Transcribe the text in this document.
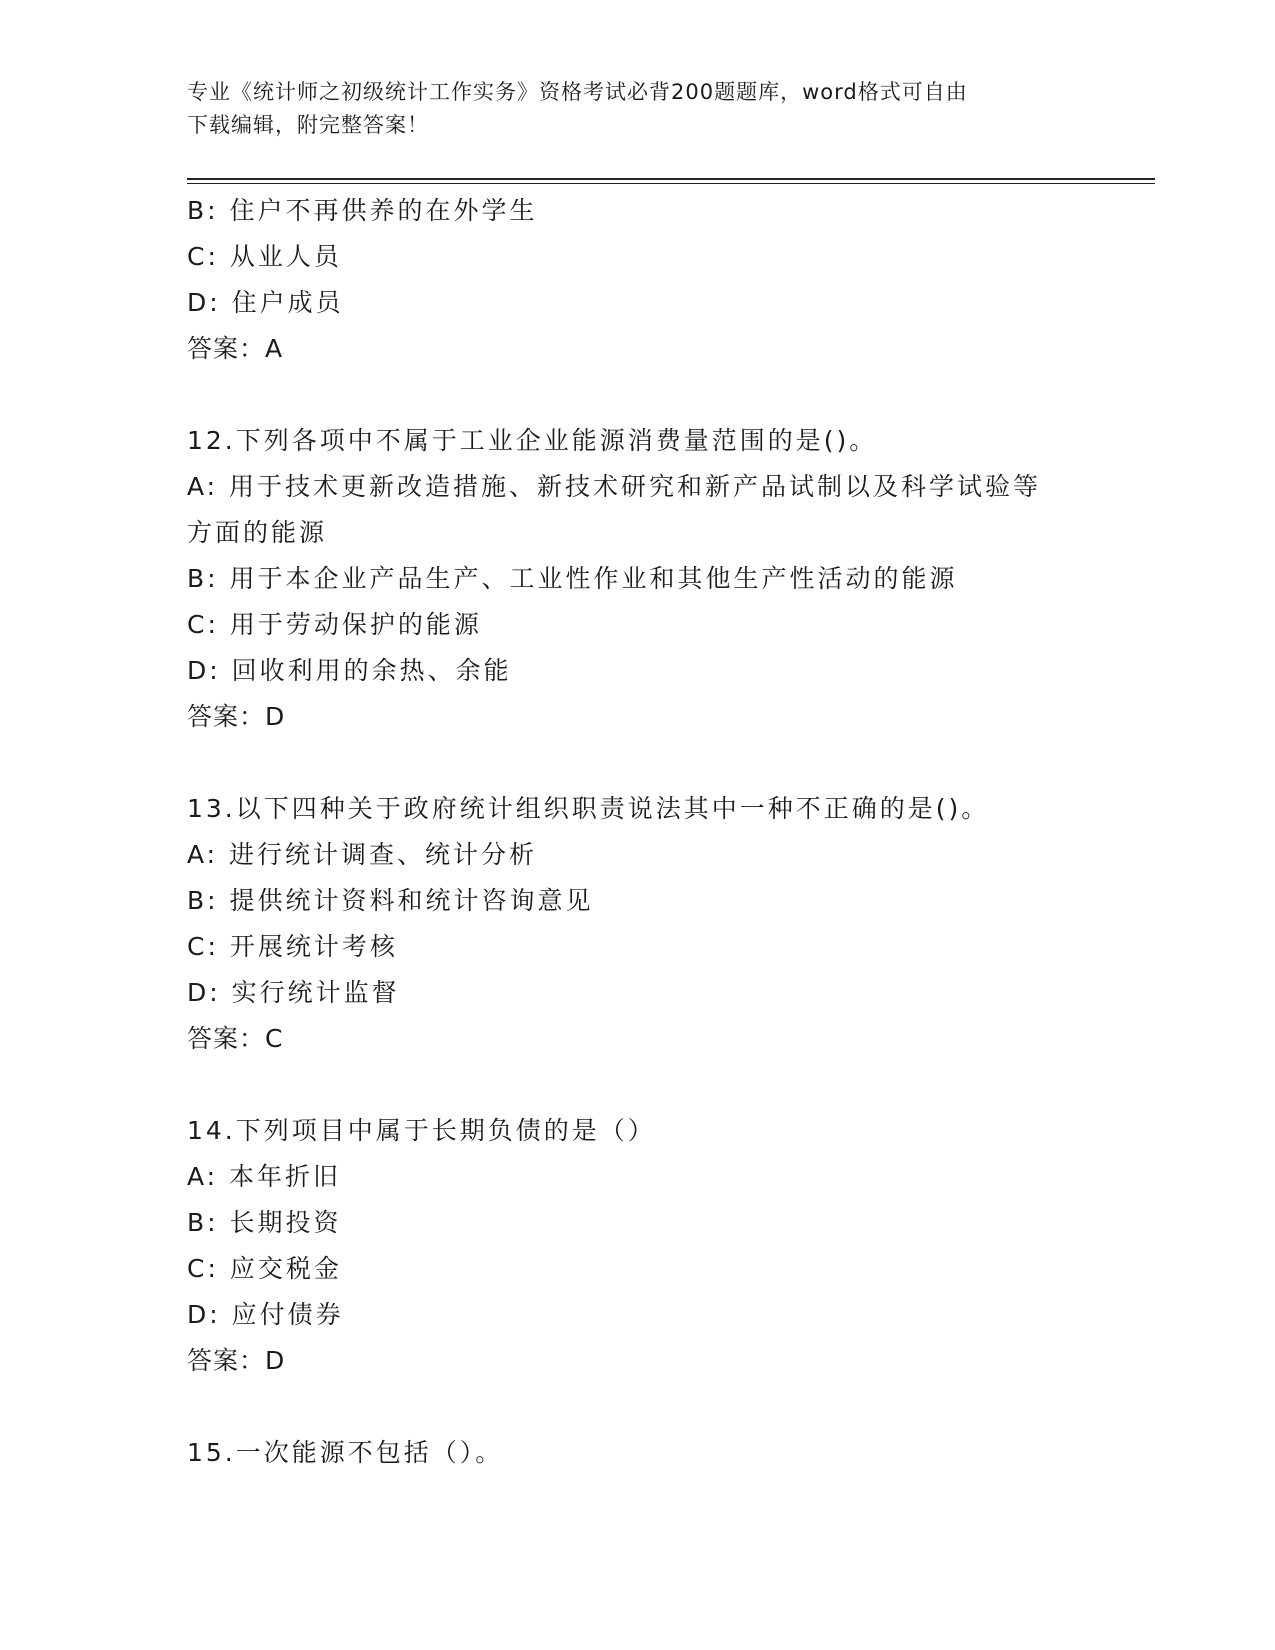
专业《统计师之初级统计工作实务》资格考试必背200题题库，word格式可自由
下载编辑，附完整答案！

B: 住户不再供养的在外学生

C: 从业人员

D: 住户成员

答案：A

12.下列各项中不属于工业企业能源消费量范围的是()。

A: 用于技术更新改造措施、新技术研究和新产品试制以及科学试验等

方面的能源

B: 用于本企业产品生产、工业性作业和其他生产性活动的能源

C: 用于劳动保护的能源

D: 回收利用的余热、余能

答案：D

13.以下四种关于政府统计组织职责说法其中一种不正确的是()。

A: 进行统计调查、统计分析

B: 提供统计资料和统计咨询意见

C: 开展统计考核

D: 实行统计监督

答案：C

14.下列项目中属于长期负债的是（）

A: 本年折旧

B: 长期投资

C: 应交税金

D: 应付债券

答案：D

15.一次能源不包括（）。
